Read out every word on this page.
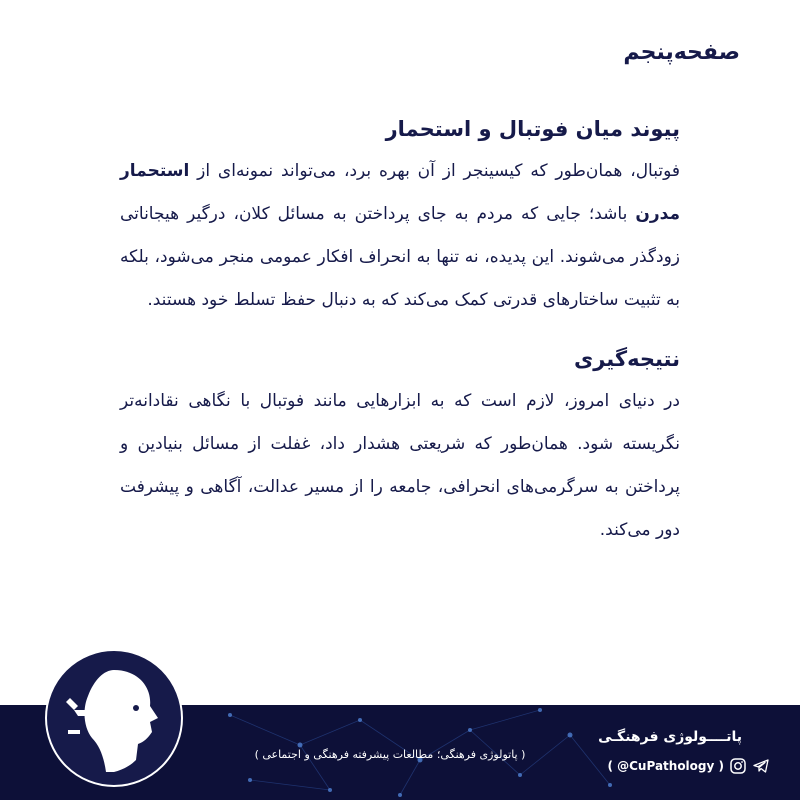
صفحه‌پنجم
پیوند میان فوتبال و استحمار

فوتبال، همان‌طور که کیسینجر از آن بهره برد، می‌تواند نمونه‌ای از استحمار مدرن باشد؛ جایی که مردم به جای پرداختن به مسائل کلان، درگیر هیجاناتی زودگذر می‌شوند. این پدیده، نه تنها به انحراف افکار عمومی منجر می‌شود، بلکه به تثبیت ساختارهای قدرتی کمک می‌کند که به دنبال حفظ تسلط خود هستند.

نتیجه‌گیری

در دنیای امروز، لازم است که به ابزارهایی مانند فوتبال با نگاهی نقادانه‌تر نگریسته شود. همان‌طور که شریعتی هشدار داد، غفلت از مسائل بنیادین و پرداختن به سرگرمی‌های انحرافی، جامعه را از مسیر عدالت، آگاهی و پیشرفت دور می‌کند.

( پاتولوژی فرهنگی؛ مطالعات پیشرفته فرهنگی و اجتماعی )
پاتــــولوژی فرهنگـی
( @CuPathology )
